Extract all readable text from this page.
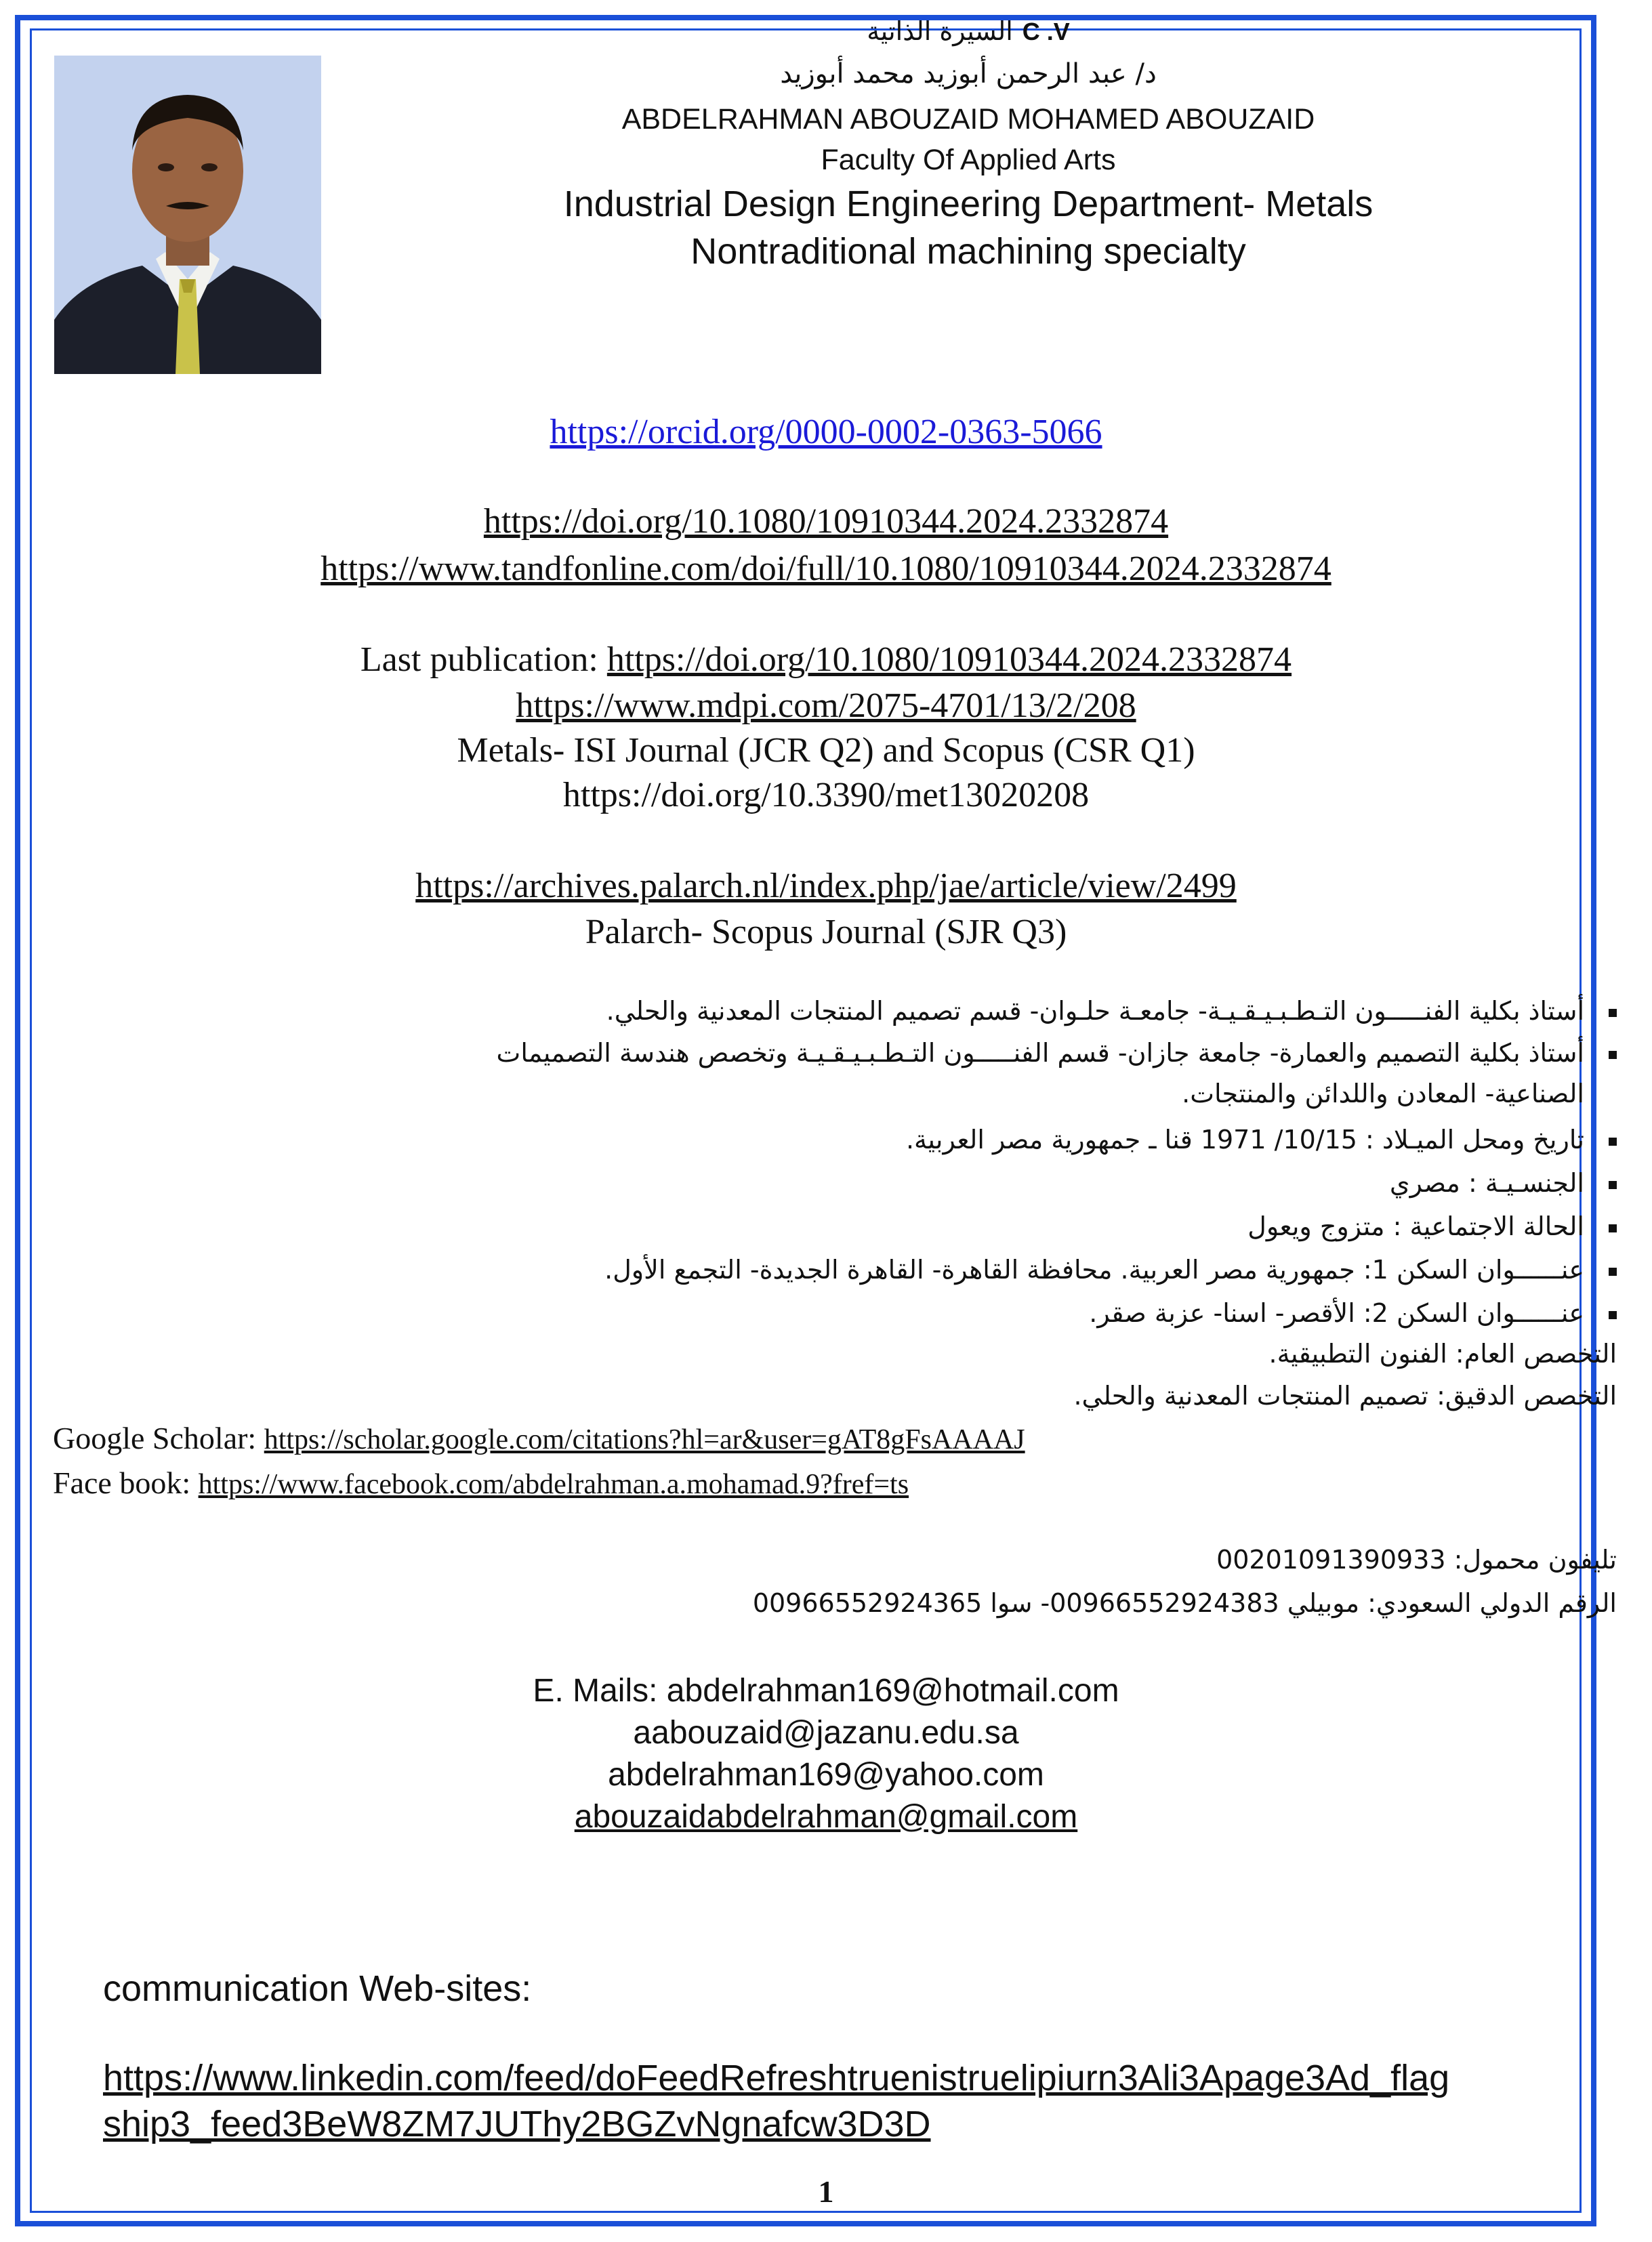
السيرة الذاتية C .V
د/ عبد الرحمن أبوزيد محمد أبوزيد
ABDELRAHMAN ABOUZAID MOHAMED ABOUZAID
Faculty Of Applied Arts
Industrial Design Engineering Department- Metals
Nontraditional machining specialty
https://orcid.org/0000-0002-0363-5066
https://doi.org/10.1080/10910344.2024.2332874
https://www.tandfonline.com/doi/full/10.1080/10910344.2024.2332874
Last publication: https://doi.org/10.1080/10910344.2024.2332874
https://www.mdpi.com/2075-4701/13/2/208
Metals- ISI Journal (JCR Q2) and Scopus (CSR Q1)
https://doi.org/10.3390/met13020208
https://archives.palarch.nl/index.php/jae/article/view/2499
Palarch- Scopus Journal (SJR Q3)
أستاذ بكلية الفنـــــون التـطـبـيـقـيـة- جامعـة حلـوان- قسم تصميم المنتجات المعدنية والحلي.
أستاذ بكلية التصميم والعمارة- جامعة جازان- قسم الفنـــــون التـطـبـيـقـيـة وتخصص هندسة التصميمات
الصناعية- المعادن واللدائن والمنتجات.
تاريخ ومحل الميـلاد : 10/15/ 1971 قنا ـ جمهورية مصر العربية.
الجنسـيـة : مصري
الحالة الاجتماعية : متزوج ويعول
عنــــــوان السكن 1: جمهورية مصر العربية. محافظة القاهرة- القاهرة الجديدة- التجمع الأول.
عنــــــوان السكن 2: الأقصر- اسنا- عزبة صقر.
التخصص العام: الفنون التطبيقية.
التخصص الدقيق: تصميم المنتجات المعدنية والحلي.
Google Scholar: https://scholar.google.com/citations?hl=ar&user=gAT8gFsAAAAJ
Face book: https://www.facebook.com/abdelrahman.a.mohamad.9?fref=ts
تليفون محمول: 00201091390933
الرقم الدولي السعودي: موبيلي 00966552924383- سوا 00966552924365
E. Mails: abdelrahman169@hotmail.com
aabouzaid@jazanu.edu.sa
abdelrahman169@yahoo.com
abouzaidabdelrahman@gmail.com
communication Web-sites:
https://www.linkedin.com/feed/doFeedRefreshtruenistruelipiurn3Ali3Apage3Ad_flag
ship3_feed3BeW8ZM7JUThy2BGZvNgnafcw3D3D
1
